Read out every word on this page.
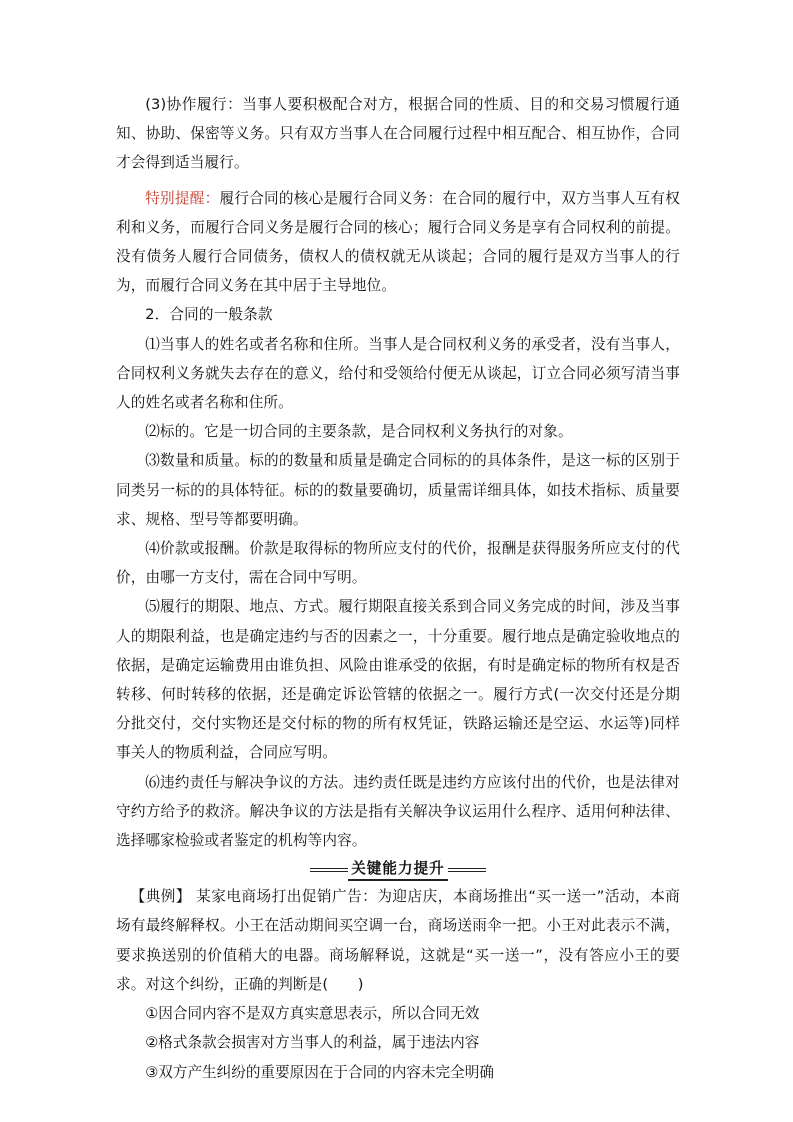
(3)协作履行：当事人要积极配合对方，根据合同的性质、目的和交易习惯履行通知、协助、保密等义务。只有双方当事人在合同履行过程中相互配合、相互协作，合同才会得到适当履行。

特别提醒：履行合同的核心是履行合同义务：在合同的履行中，双方当事人互有权利和义务，而履行合同义务是履行合同的核心；履行合同义务是享有合同权利的前提。没有债务人履行合同债务，债权人的债权就无从谈起；合同的履行是双方当事人的行为，而履行合同义务在其中居于主导地位。

2．合同的一般条款

⑴当事人的姓名或者名称和住所。当事人是合同权利义务的承受者，没有当事人，合同权利义务就失去存在的意义，给付和受领给付便无从谈起，订立合同必须写清当事人的姓名或者名称和住所。

⑵标的。它是一切合同的主要条款，是合同权利义务执行的对象。

⑶数量和质量。标的的数量和质量是确定合同标的的具体条件，是这一标的区别于同类另一标的的具体特征。标的的数量要确切，质量需详细具体，如技术指标、质量要求、规格、型号等都要明确。

⑷价款或报酬。价款是取得标的物所应支付的代价，报酬是获得服务所应支付的代价，由哪一方支付，需在合同中写明。

⑸履行的期限、地点、方式。履行期限直接关系到合同义务完成的时间，涉及当事人的期限利益，也是确定违约与否的因素之一，十分重要。履行地点是确定验收地点的依据，是确定运输费用由谁负担、风险由谁承受的依据，有时是确定标的物所有权是否转移、何时转移的依据，还是确定诉讼管辖的依据之一。履行方式(一次交付还是分期分批交付，交付实物还是交付标的物的所有权凭证，铁路运输还是空运、水运等)同样事关人的物质利益，合同应写明。

⑹违约责任与解决争议的方法。违约责任既是违约方应该付出的代价，也是法律对守约方给予的救济。解决争议的方法是指有关解决争议运用什么程序、适用何种法律、选择哪家检验或者鉴定的机构等内容。

关键能力提升

【典例】 某家电商场打出促销广告：为迎店庆，本商场推出“买一送一”活动，本商场有最终解释权。小王在活动期间买空调一台，商场送雨伞一把。小王对此表示不满，要求换送别的价值稍大的电器。商场解释说，这就是“买一送一”，没有答应小王的要求。对这个纠纷，正确的判断是(　　)

①因合同内容不是双方真实意思表示，所以合同无效
②格式条款会损害对方当事人的利益，属于违法内容
③双方产生纠纷的重要原因在于合同的内容未完全明确
